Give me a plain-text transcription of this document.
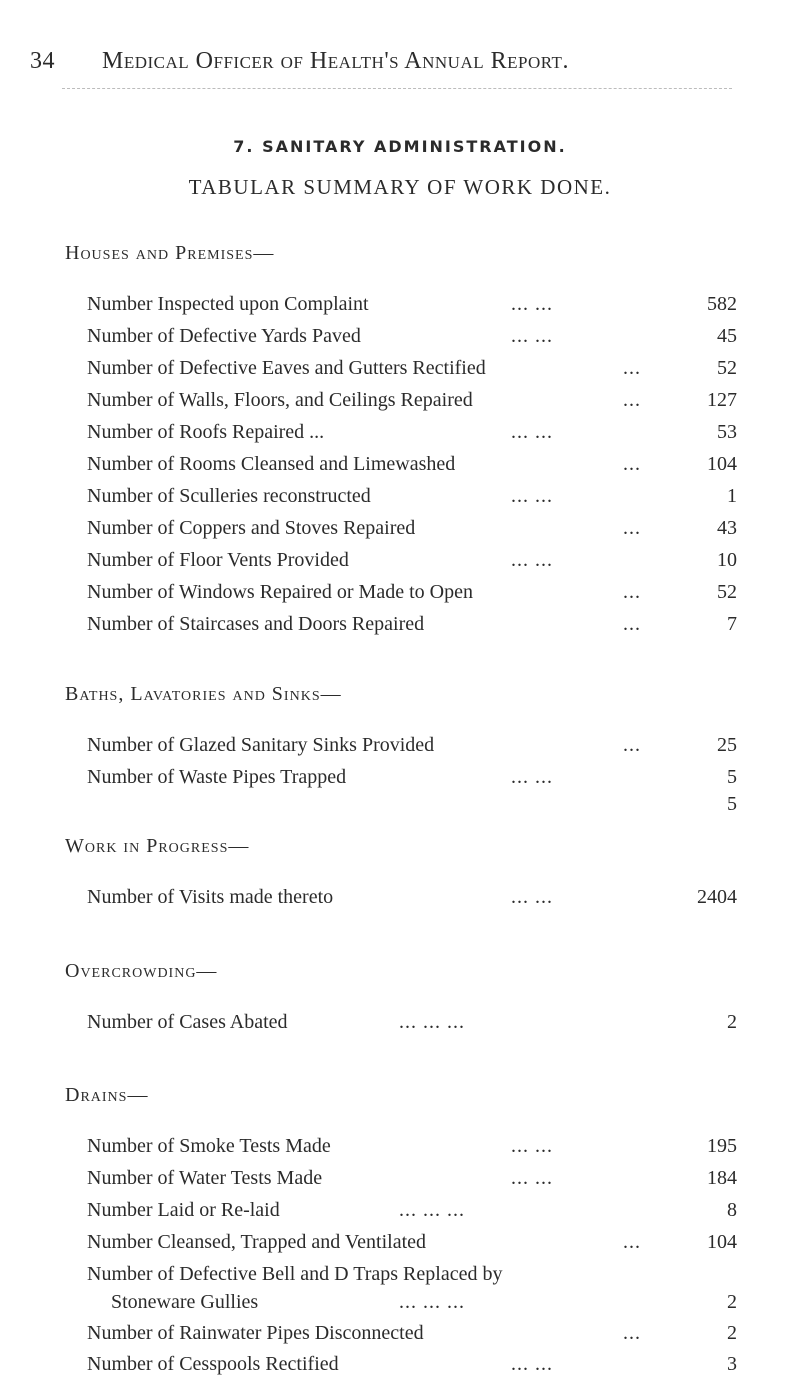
34 Medical Officer of Health's Annual Report.
7. SANITARY ADMINISTRATION.
TABULAR SUMMARY OF WORK DONE.
Houses and Premises—
Number Inspected upon Complaint	... ...	582
Number of Defective Yards Paved	... ...	45
Number of Defective Eaves and Gutters Rectified	...	52
Number of Walls, Floors, and Ceilings Repaired	...	127
Number of Roofs Repaired ...	... ...	53
Number of Rooms Cleansed and Limewashed	...	104
Number of Sculleries reconstructed	... ...	1
Number of Coppers and Stoves Repaired	...	43
Number of Floor Vents Provided	... ...	10
Number of Windows Repaired or Made to Open	...	52
Number of Staircases and Doors Repaired	...	7
Baths, Lavatories and Sinks—
Number of Glazed Sanitary Sinks Provided	...	25
Number of Waste Pipes Trapped	... ...	5
5
Work in Progress—
Number of Visits made thereto	... ...	2404
Overcrowding—
Number of Cases Abated	... ... ...	2
Drains—
Number of Smoke Tests Made	... ...	195
Number of Water Tests Made	... ...	184
Number Laid or Re-laid	... ... ...	8
Number Cleansed, Trapped and Ventilated	...	104
Number of Defective Bell and D Traps Replaced by
Stoneware Gullies	... ... ...	2
Number of Rainwater Pipes Disconnected	...	2
Number of Cesspools Rectified	... ...	3
